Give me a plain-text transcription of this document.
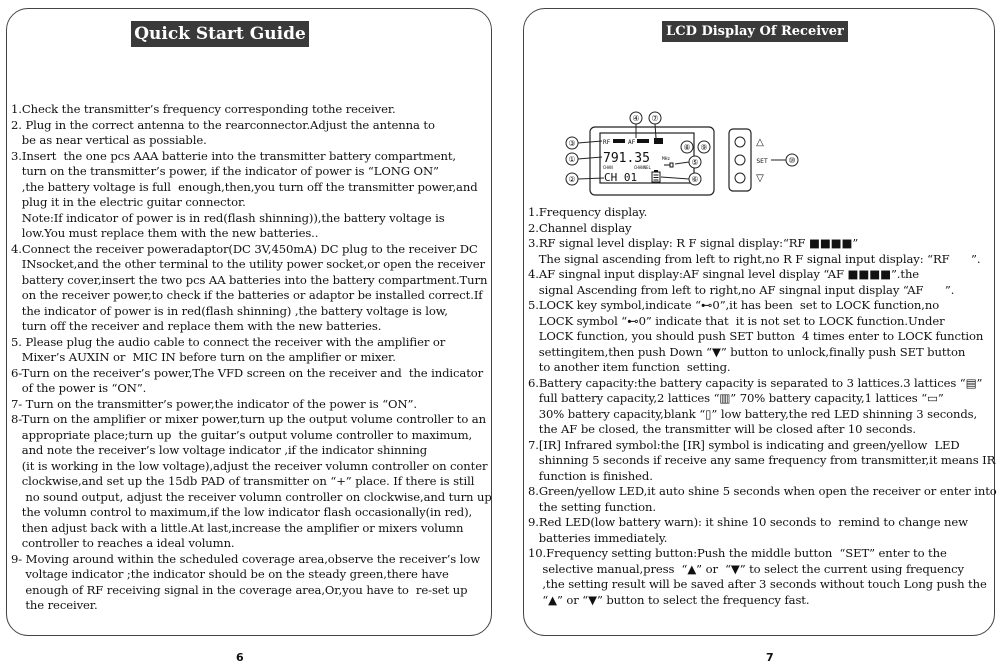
Quick Start Guide
1.Check the transmitter’s frequency corresponding tothe receiver.
2. Plug in the correct antenna to the rearconnector.Adjust the antenna to
be as near vertical as possiable.
3.Insert  the one pcs AAA batterie into the transmitter battery compartment,
turn on the transmitter’s power, if the indicator of power is “LONG ON”
,the battery voltage is full  enough,then,you turn off the transmitter power,and
plug it in the electric guitar connector.
Note:If indicator of power is in red(flash shinning)),the battery voltage is
low.You must replace them with the new batteries..
4.Connect the receiver poweradaptor(DC 3V,450mA) DC plug to the receiver DC
INsocket,and the other terminal to the utility power socket,or open the receiver
battery cover,insert the two pcs AA batteries into the battery compartment.Turn
on the receiver power,to check if the batteries or adaptor be installed correct.If
the indicator of power is in red(flash shinning) ,the battery voltage is low,
turn off the receiver and replace them with the new batteries.
5. Please plug the audio cable to connect the receiver with the amplifier or
Mixer’s AUXIN or  MIC IN before turn on the amplifier or mixer.
6-Turn on the receiver’s power,The VFD screen on the receiver and  the indicator
of the power is “ON”.
7- Turn on the transmitter’s power,the indicator of the power is “ON”.
8-Turn on the amplifier or mixer power,turn up the output volume controller to an
appropriate place;turn up  the guitar’s output volume controller to maximum,
and note the receiver’s low voltage indicator ,if the indicator shinning
(it is working in the low voltage),adjust the receiver volumn controller on conter
clockwise,and set up the 15db PAD of transmitter on “+” place. If there is still
no sound output, adjust the receiver volumn controller on clockwise,and turn up
the volumn control to maximum,if the low indicator flash occasionally(in red),
then adjust back with a little.At last,increase the amplifier or mixers volumn
controller to reaches a ideal volumn.
9- Moving around within the scheduled coverage area,observe the receiver’s low
voltage indicator ;the indicator should be on the steady green,there have
enough of RF receiving signal in the coverage area,Or,you have to  re-set up
the receiver.
6
LCD Display Of Receiver
RF	AF
791.35	MHz
CHAN	CHANNEL
CH 01
③
①
②
④ ⑦
⑧ ⑨
⑤
⑥
△
SET
▽
⑩
1.Frequency display.
2.Channel display
3.RF signal level display: R F signal display:“RF ■■■■”
The signal ascending from left to right,no R F signal input display: “RF      ”.
4.AF singnal input display:AF singnal level display “AF ■■■■”.the
signal Ascending from left to right,no AF singnal input display “AF      ”.
5.LOCK key symbol,indicate “⊷0”,it has been  set to LOCK function,no
LOCK symbol “⊷0” indicate that  it is not set to LOCK function.Under
LOCK function, you should push SET button  4 times enter to LOCK function
settingitem,then push Down “▼” button to unlock,finally push SET button
to another item function  setting.
6.Battery capacity:the battery capacity is separated to 3 lattices.3 lattices “▤”
full battery capacity,2 lattices “▥” 70% battery capacity,1 lattices “▭”
30% battery capacity,blank “▯” low battery,the red LED shinning 3 seconds,
the AF be closed, the transmitter will be closed after 10 seconds.
7.[IR] Infrared symbol:the [IR] symbol is indicating and green/yellow  LED
shinning 5 seconds if receive any same frequency from transmitter,it means IR
function is finished.
8.Green/yellow LED,it auto shine 5 seconds when open the receiver or enter into
the setting function.
9.Red LED(low battery warn): it shine 10 seconds to  remind to change new
batteries immediately.
10.Frequency setting button:Push the middle button  “SET” enter to the
selective manual,press  “▲” or  “▼” to select the current using frequency
,the setting result will be saved after 3 seconds without touch Long push the
“▲” or “▼” button to select the frequency fast.
7
